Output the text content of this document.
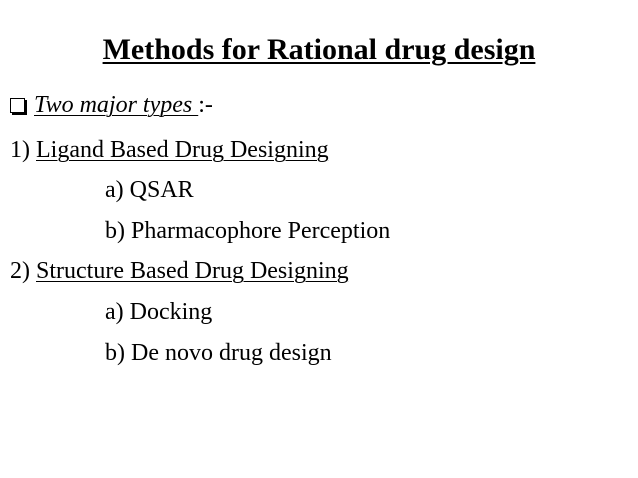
Methods for Rational drug design
Two major types :-
1) Ligand Based Drug Designing
a) QSAR
b) Pharmacophore Perception
2) Structure Based Drug Designing
a) Docking
b) De novo drug design
